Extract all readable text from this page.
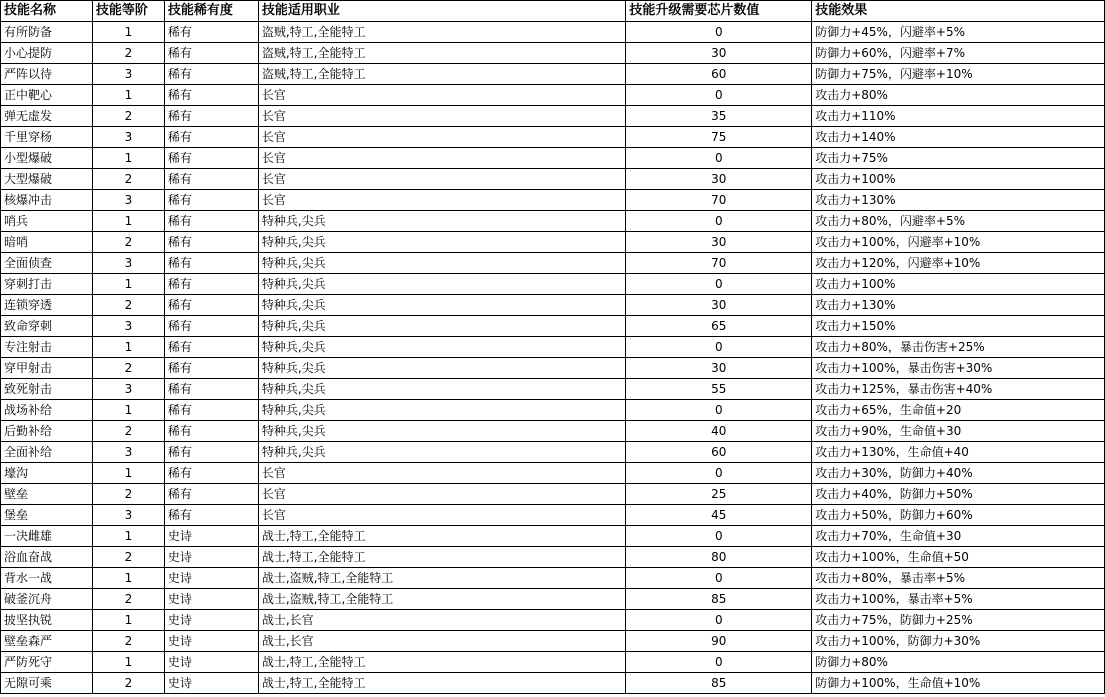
技能名称	技能等阶	技能稀有度	技能适用职业	技能升级需要芯片数值	技能效果
有所防备	1	稀有	盗贼,特工,全能特工	0	防御力+45%，闪避率+5%
小心提防	2	稀有	盗贼,特工,全能特工	30	防御力+60%，闪避率+7%
严阵以待	3	稀有	盗贼,特工,全能特工	60	防御力+75%，闪避率+10%
正中靶心	1	稀有	长官	0	攻击力+80%
弹无虚发	2	稀有	长官	35	攻击力+110%
千里穿杨	3	稀有	长官	75	攻击力+140%
小型爆破	1	稀有	长官	0	攻击力+75%
大型爆破	2	稀有	长官	30	攻击力+100%
核爆冲击	3	稀有	长官	70	攻击力+130%
哨兵	1	稀有	特种兵,尖兵	0	攻击力+80%，闪避率+5%
暗哨	2	稀有	特种兵,尖兵	30	攻击力+100%，闪避率+10%
全面侦查	3	稀有	特种兵,尖兵	70	攻击力+120%，闪避率+10%
穿刺打击	1	稀有	特种兵,尖兵	0	攻击力+100%
连锁穿透	2	稀有	特种兵,尖兵	30	攻击力+130%
致命穿刺	3	稀有	特种兵,尖兵	65	攻击力+150%
专注射击	1	稀有	特种兵,尖兵	0	攻击力+80%，暴击伤害+25%
穿甲射击	2	稀有	特种兵,尖兵	30	攻击力+100%，暴击伤害+30%
致死射击	3	稀有	特种兵,尖兵	55	攻击力+125%，暴击伤害+40%
战场补给	1	稀有	特种兵,尖兵	0	攻击力+65%，生命值+20
后勤补给	2	稀有	特种兵,尖兵	40	攻击力+90%，生命值+30
全面补给	3	稀有	特种兵,尖兵	60	攻击力+130%，生命值+40
壕沟	1	稀有	长官	0	攻击力+30%，防御力+40%
壁垒	2	稀有	长官	25	攻击力+40%，防御力+50%
堡垒	3	稀有	长官	45	攻击力+50%，防御力+60%
一决雌雄	1	史诗	战士,特工,全能特工	0	攻击力+70%，生命值+30
浴血奋战	2	史诗	战士,特工,全能特工	80	攻击力+100%，生命值+50
背水一战	1	史诗	战士,盗贼,特工,全能特工	0	攻击力+80%，暴击率+5%
破釜沉舟	2	史诗	战士,盗贼,特工,全能特工	85	攻击力+100%，暴击率+5%
披坚执锐	1	史诗	战士,长官	0	攻击力+75%，防御力+25%
壁垒森严	2	史诗	战士,长官	90	攻击力+100%，防御力+30%
严防死守	1	史诗	战士,特工,全能特工	0	防御力+80%
无隙可乘	2	史诗	战士,特工,全能特工	85	防御力+100%，生命值+10%
